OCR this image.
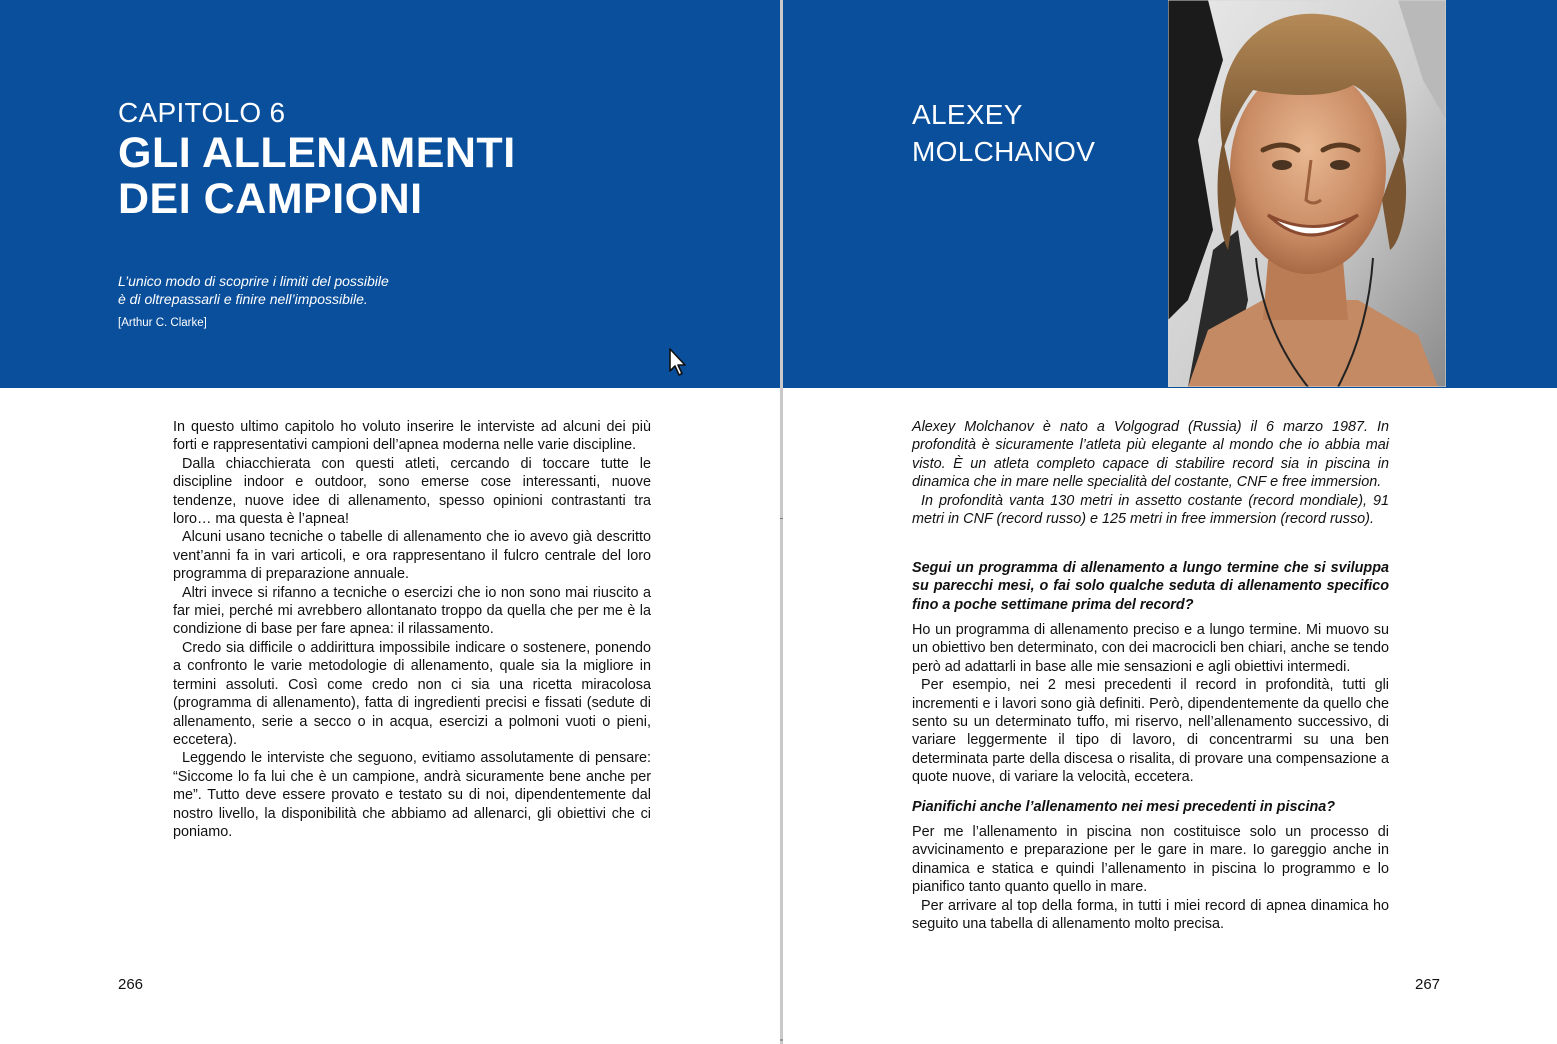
CAPITOLO 6
GLI ALLENAMENTI
DEI CAMPIONI

L’unico modo di scoprire i limiti del possibile
è di oltrepassarli e finire nell’impossibile.

[Arthur C. Clarke]

In questo ultimo capitolo ho voluto inserire le interviste ad alcuni dei più forti e rappresentativi campioni dell’apnea moderna nelle varie discipline.

Dalla chiacchierata con questi atleti, cercando di toccare tutte le discipline indoor e outdoor, sono emerse cose interessanti, nuove tendenze, nuove idee di allenamento, spesso opinioni contrastanti tra loro… ma questa è l’apnea!

Alcuni usano tecniche o tabelle di allenamento che io avevo già descritto vent’anni fa in vari articoli, e ora rappresentano il fulcro centrale del loro programma di preparazione annuale.

Altri invece si rifanno a tecniche o esercizi che io non sono mai riuscito a far miei, perché mi avrebbero allontanato troppo da quella che per me è la condizione di base per fare apnea: il rilassamento.

Credo sia difficile o addirittura impossibile indicare o sostenere, ponendo a confronto le varie metodologie di allenamento, quale sia la migliore in termini assoluti. Così come credo non ci sia una ricetta miracolosa (programma di allenamento), fatta di ingredienti precisi e fissati (sedute di allenamento, serie a secco o in acqua, esercizi a polmoni vuoti o pieni, eccetera).

Leggendo le interviste che seguono, evitiamo assolutamente di pensare: “Siccome lo fa lui che è un campione, andrà sicuramente bene anche per me”. Tutto deve essere provato e testato su di noi, dipendentemente dal nostro livello, la disponibilità che abbiamo ad allenarci, gli obiettivi che ci poniamo.

266

ALEXEY
MOLCHANOV

Alexey Molchanov è nato a Volgograd (Russia) il 6 marzo 1987. In profondità è sicuramente l’atleta più elegante al mondo che io abbia mai visto. È un atleta completo capace di stabilire record sia in piscina in dinamica che in mare nelle specialità del costante, CNF e free immersion.

In profondità vanta 130 metri in assetto costante (record mondiale), 91 metri in CNF (record russo) e 125 metri in free immersion (record russo).

Segui un programma di allenamento a lungo termine che si sviluppa su parecchi mesi, o fai solo qualche seduta di allenamento specifico fino a poche settimane prima del record?

Ho un programma di allenamento preciso e a lungo termine. Mi muovo su un obiettivo ben determinato, con dei macrocicli ben chiari, anche se tendo però ad adattarli in base alle mie sensazioni e agli obiettivi intermedi.

Per esempio, nei 2 mesi precedenti il record in profondità, tutti gli incrementi e i lavori sono già definiti. Però, dipendentemente da quello che sento su un determinato tuffo, mi riservo, nell’allenamento successivo, di variare leggermente il tipo di lavoro, di concentrarmi su una ben determinata parte della discesa o risalita, di provare una compensazione a quote nuove, di variare la velocità, eccetera.

Pianifichi anche l’allenamento nei mesi precedenti in piscina?

Per me l’allenamento in piscina non costituisce solo un processo di avvicinamento e preparazione per le gare in mare. Io gareggio anche in dinamica e statica e quindi l’allenamento in piscina lo programmo e lo pianifico tanto quanto quello in mare.

Per arrivare al top della forma, in tutti i miei record di apnea dinamica ho seguito una tabella di allenamento molto precisa.

267
